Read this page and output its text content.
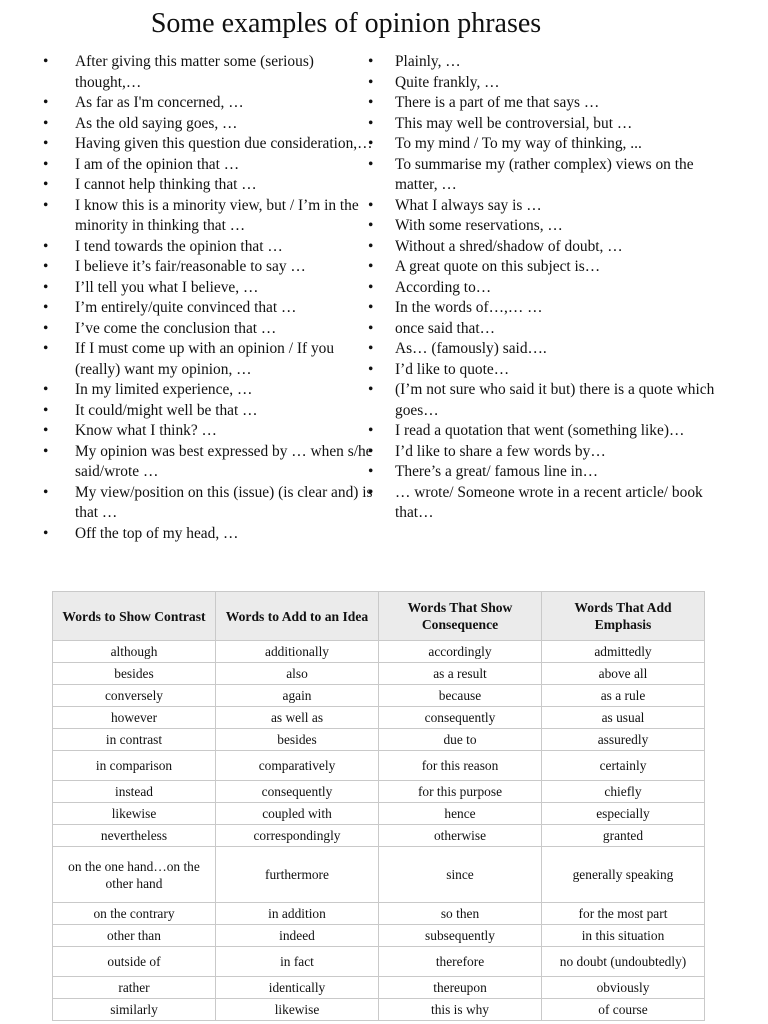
Some examples of opinion phrases
• After giving this matter some (serious) thought,…
• As far as I'm concerned, …
• As the old saying goes, …
• Having given this question due consideration,…
• I am of the opinion that …
• I cannot help thinking that …
• I know this is a minority view, but / I’m in the minority in thinking that …
• I tend towards the opinion that …
• I believe it’s fair/reasonable to say …
• I’ll tell you what I believe, …
• I’m entirely/quite convinced that …
• I’ve come the conclusion that …
• If I must come up with an opinion / If you (really) want my opinion, …
• In my limited experience, …
• It could/might well be that …
• Know what I think? …
• My opinion was best expressed by … when s/he said/wrote …
• My view/position on this (issue) (is clear and) is that …
• Off the top of my head, …
• Plainly, …
• Quite frankly, …
• There is a part of me that says …
• This may well be controversial, but …
• To my mind / To my way of thinking, ...
• To summarise my (rather complex) views on the matter, …
• What I always say is …
• With some reservations, …
• Without a shred/shadow of doubt, …
• A great quote on this subject is…
• According to…
• In the words of…,… …
• once said that…
• As… (famously) said….
• I’d like to quote…
• (I’m not sure who said it but) there is a quote which goes…
• I read a quotation that went (something like)…
• I’d like to share a few words by…
• There’s a great/ famous line in…
• … wrote/ Someone wrote in a recent article/ book that…
Words to Show Contrast	Words to Add to an Idea	Words That Show Consequence	Words That Add Emphasis
although	additionally	accordingly	admittedly
besides	also	as a result	above all
conversely	again	because	as a rule
however	as well as	consequently	as usual
in contrast	besides	due to	assuredly
in comparison	comparatively	for this reason	certainly
instead	consequently	for this purpose	chiefly
likewise	coupled with	hence	especially
nevertheless	correspondingly	otherwise	granted
on the one hand…on the other hand	furthermore	since	generally speaking
on the contrary	in addition	so then	for the most part
other than	indeed	subsequently	in this situation
outside of	in fact	therefore	no doubt (undoubtedly)
rather	identically	thereupon	obviously
similarly	likewise	this is why	of course
